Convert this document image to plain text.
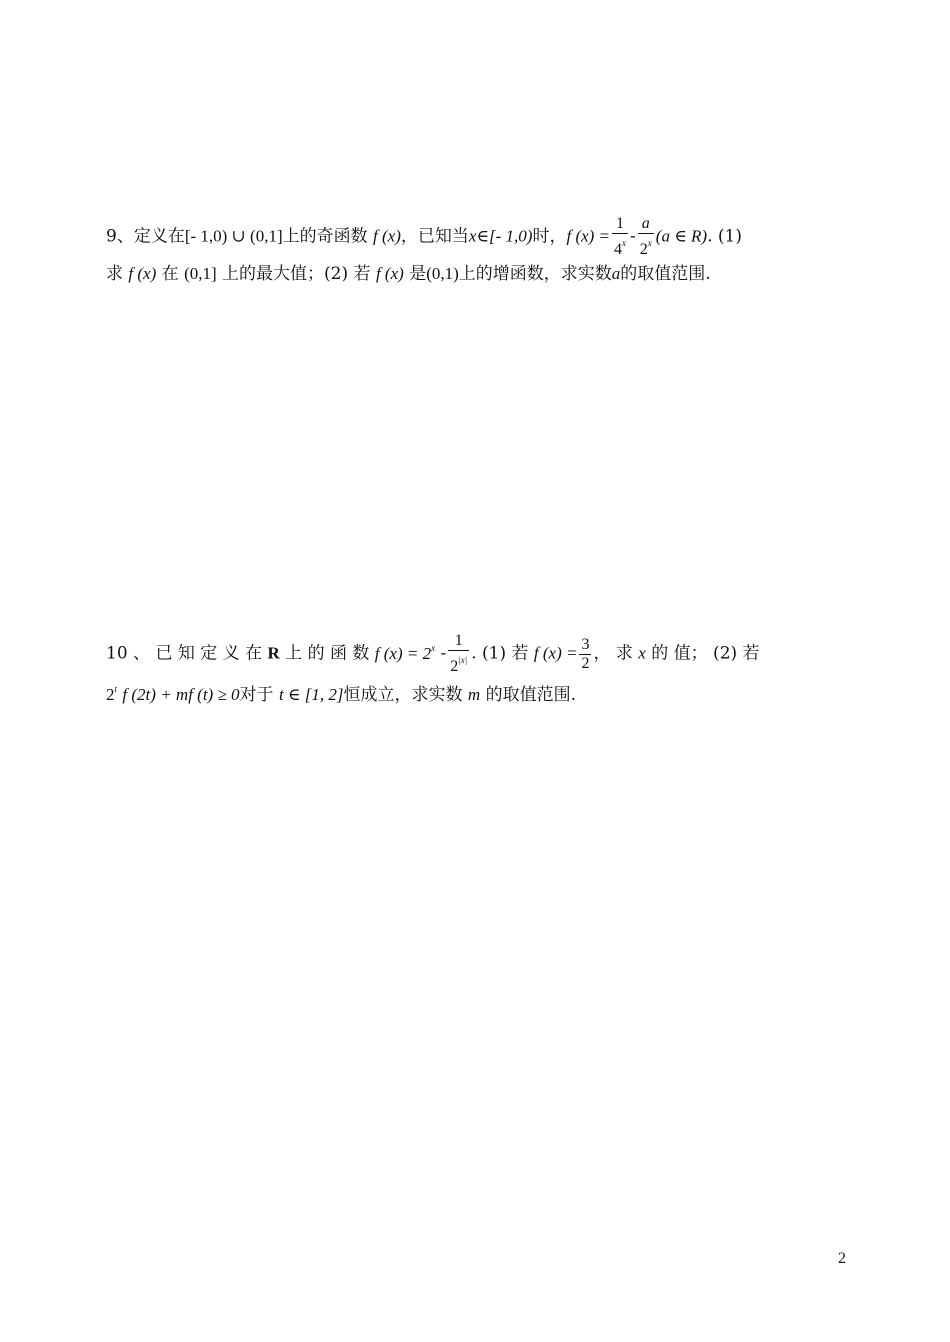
9、定义在[- 1,0) ∪ (0,1]上的奇函数 f (x)，已知当x∈[- 1,0)时，f $(x) = \frac{1}{4^x} - \frac{a}{2^x} (a$ ∈ R). (1)
求 f (x) 在 (0,1] 上的最大值；(2) 若 f (x) 是(0,1)上的增函数，求实数a的取值范围.
10 、 已 知 定 义 在 R 上 的 函 数 f $(x) = 2^x - \frac{1}{2^{|x|}}$ . (1) 若 f $(x) = \frac{3}{2}$ ， 求 x 的 值； (2) 若
2$^t$ f (2t) + mf (t) ≥ 0对于 t ∈ [1, 2]恒成立，求实数 m 的取值范围.
2
